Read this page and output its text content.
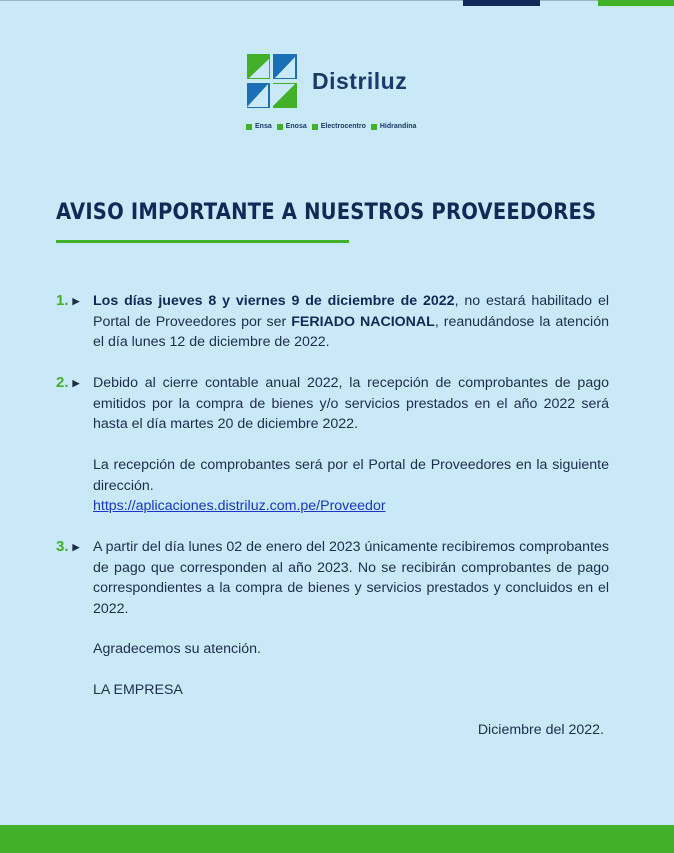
Distriluz
Ensa Enosa Electrocentro Hidrandina
AVISO IMPORTANTE A NUESTROS PROVEEDORES
1. ▶ Los días jueves 8 y viernes 9 de diciembre de 2022, no estará habilitado el Portal de Proveedores por ser FERIADO NACIONAL, reanudándose la atención el día lunes 12 de diciembre de 2022.

2. ▶ Debido al cierre contable anual 2022, la recepción de comprobantes de pago emitidos por la compra de bienes y/o servicios prestados en el año 2022 será hasta el día martes 20 de diciembre 2022.

La recepción de comprobantes será por el Portal de Proveedores en la siguiente dirección.

https://aplicaciones.distriluz.com.pe/Proveedor
3. ▶ A partir del día lunes 02 de enero del 2023 únicamente recibiremos comprobantes de pago que corresponden al año 2023. No se recibirán comprobantes de pago correspondientes a la compra de bienes y servicios prestados y concluidos en el 2022.

Agradecemos su atención.

LA EMPRESA

Diciembre del 2022.
